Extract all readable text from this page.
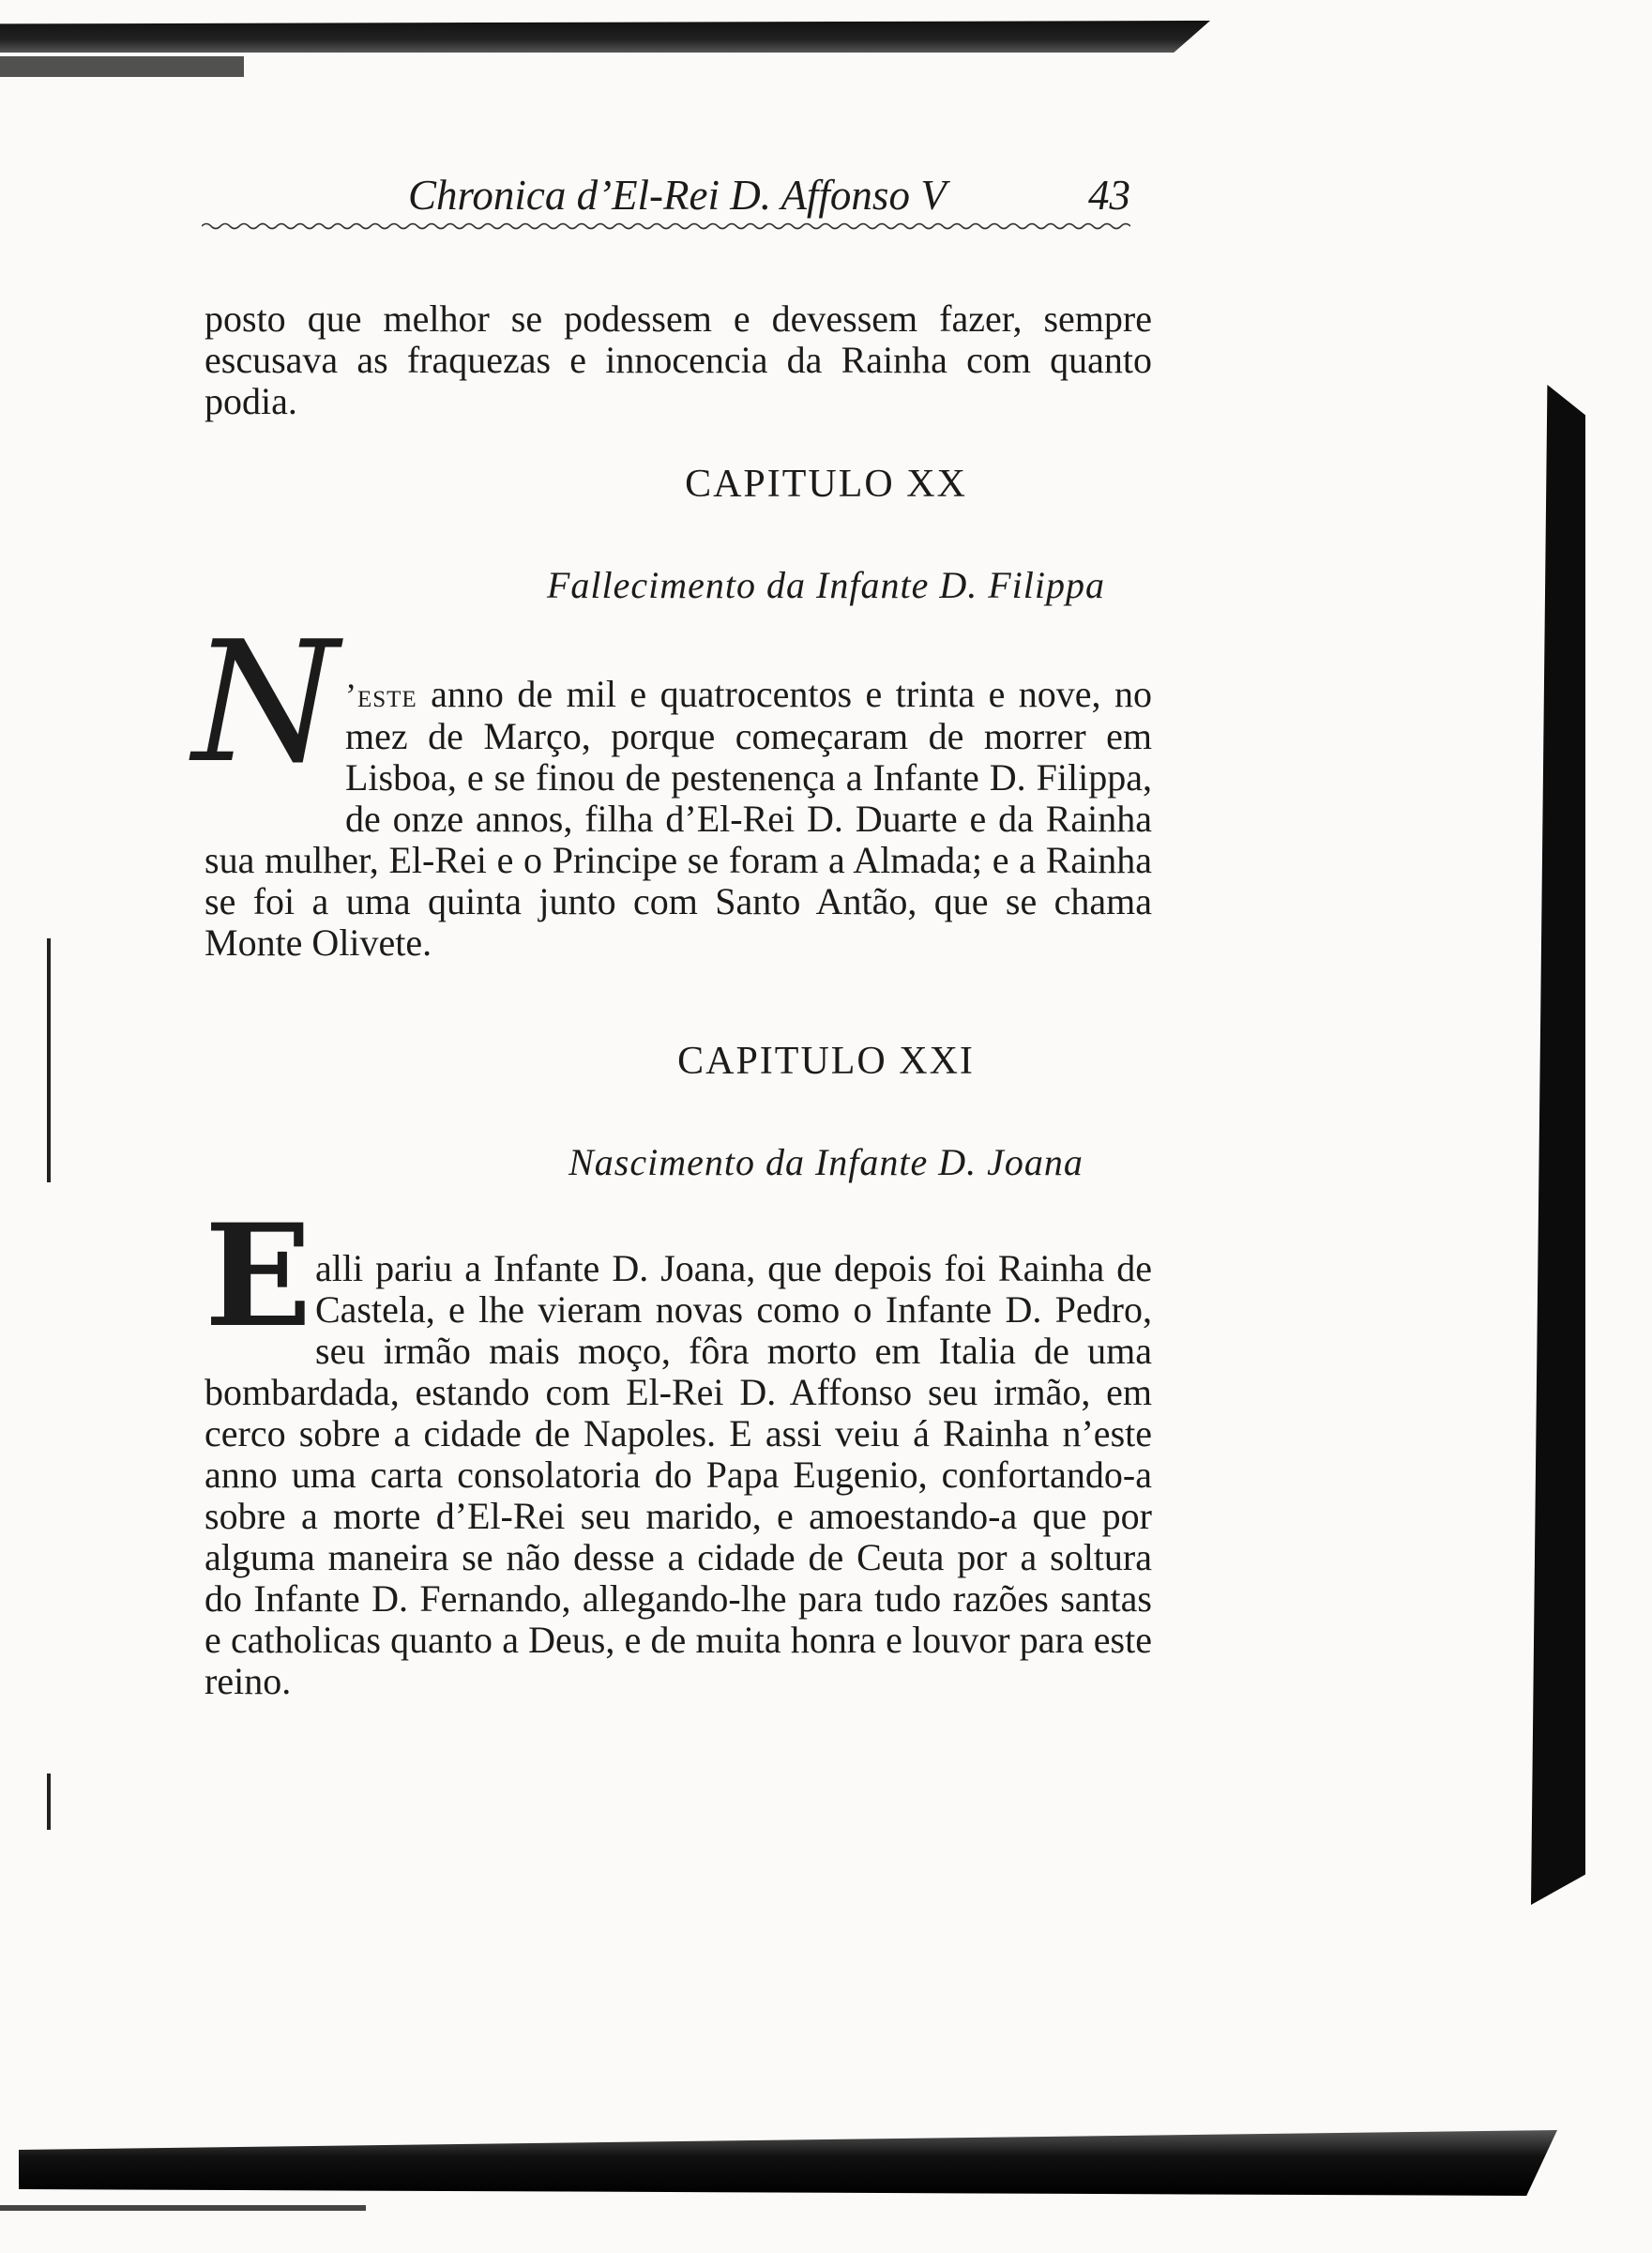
Chronica d’El-Rei D. Affonso V	43

posto que melhor se podessem e devessem fazer, sempre escusava as fraquezas e innocencia da Rainha com quanto podia.

CAPITULO XX
Fallecimento da Infante D. Filippa
N ’este anno de mil e quatrocentos e trinta e nove, no mez de Março, porque começaram de morrer em Lisboa, e se finou de pestenença a Infante D. Filippa, de onze annos, filha d’El-Rei D. Duarte e da Rainha sua mulher, El-Rei e o Principe se foram a Almada; e a Rainha se foi a uma quinta junto com Santo Antão, que se chama Monte Olivete.

CAPITULO XXI
Nascimento da Infante D. Joana
E alli pariu a Infante D. Joana, que depois foi Rainha de Castela, e lhe vieram novas como o Infante D. Pedro, seu irmão mais moço, fôra morto em Italia de uma bombardada, estando com El-Rei D. Affonso seu irmão, em cerco sobre a cidade de Napoles. E assi veiu á Rainha n’este anno uma carta consolatoria do Papa Eugenio, confortando-a sobre a morte d’El-Rei seu marido, e amoestando-a que por alguma maneira se não desse a cidade de Ceuta por a soltura do Infante D. Fernando, allegando-lhe para tudo razões santas e catholicas quanto a Deus, e de muita honra e louvor para este reino.
